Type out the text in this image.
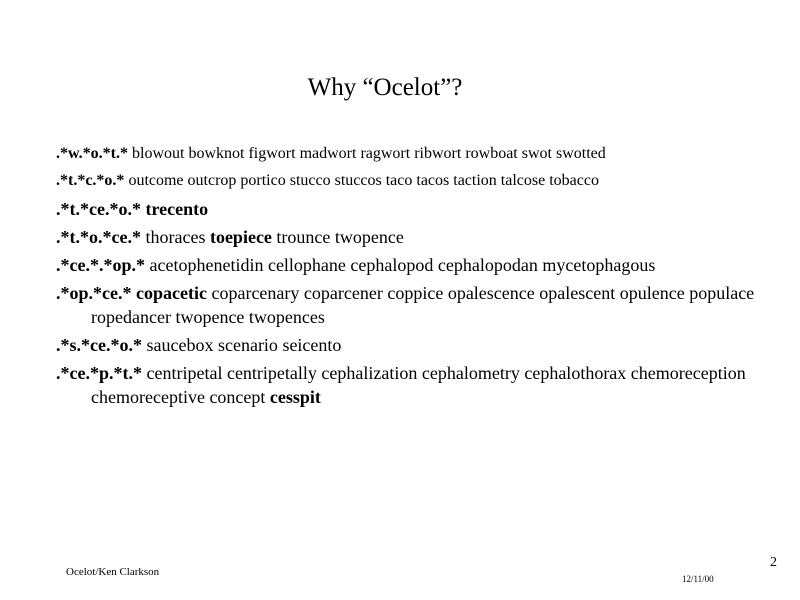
Why “Ocelot”?

.*w.*o.*t.* blowout bowknot figwort madwort ragwort ribwort rowboat swot swotted

.*t.*c.*o.* outcome outcrop portico stucco stuccos taco tacos taction talcose tobacco

.*t.*ce.*o.* trecento

.*t.*o.*ce.* thoraces toepiece trounce twopence

.*ce.*.*op.* acetophenetidin cellophane cephalopod cephalopodan mycetophagous

.*op.*ce.* copacetic coparcenary coparcener coppice opalescence opalescent opulence populace ropedancer twopence twopences

.*s.*ce.*o.* saucebox scenario seicento

.*ce.*p.*t.* centripetal centripetally cephalization cephalometry cephalothorax chemoreception chemoreceptive concept cesspit

Ocelot/Ken Clarkson
12/11/00
2
